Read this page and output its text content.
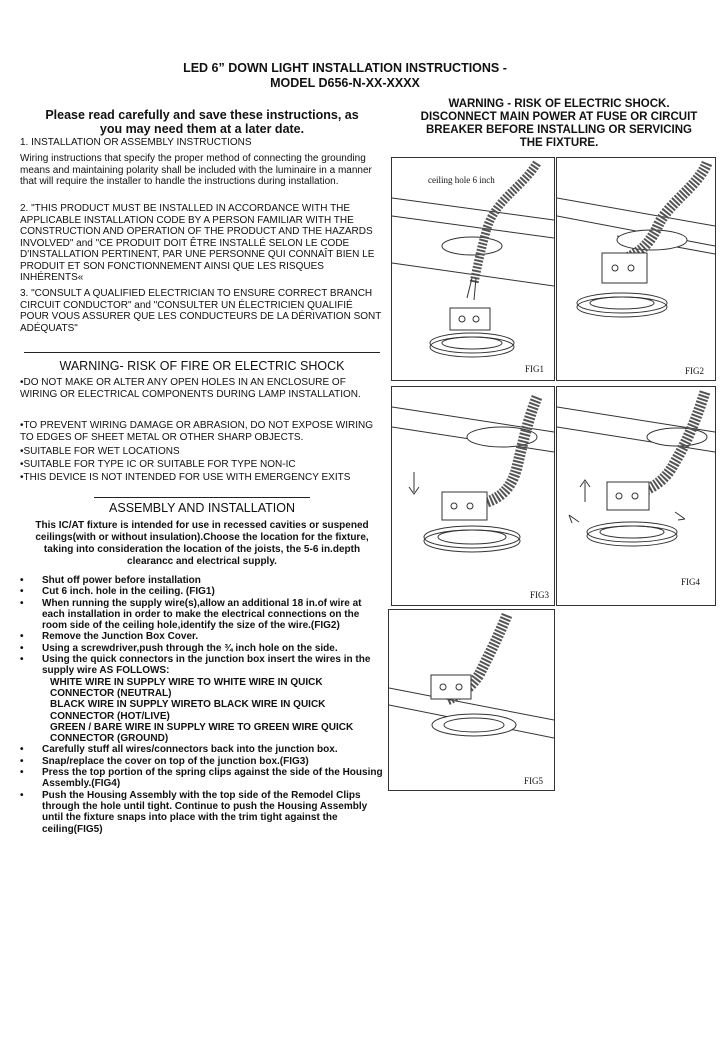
LED 6” DOWN LIGHT INSTALLATION INSTRUCTIONS -
MODEL D656-N-XX-XXXX
Please read carefully and save these instructions, as
you may need them at a later date.
1. INSTALLATION OR ASSEMBLY INSTRUCTIONS
Wiring instructions that specify the proper method of connecting the grounding means and maintaining polarity shall be included with the luminaire in a manner that will require the installer to handle the instructions during installation.
2. "THIS PRODUCT MUST BE INSTALLED IN ACCORDANCE WITH THE APPLICABLE INSTALLATION CODE BY A PERSON FAMILIAR WITH THE CONSTRUCTION AND OPERATION OF THE PRODUCT AND THE HAZARDS INVOLVED" and "CE PRODUIT DOIT ÊTRE INSTALLÉ SELON LE CODE D'INSTALLATION PERTINENT, PAR UNE PERSONNE QUI CONNAÎT BIEN LE PRODUIT ET SON FONCTIONNEMENT AINSI QUE LES RISQUES INHÉRENTS«
3. "CONSULT A QUALIFIED ELECTRICIAN TO ENSURE CORRECT BRANCH CIRCUIT CONDUCTOR" and "CONSULTER UN ÉLECTRICIEN QUALIFIÉ POUR VOUS ASSURER QUE LES CONDUCTEURS DE LA DÉRIVATION SONT ADÉQUATS"
WARNING - RISK OF ELECTRIC SHOCK.
DISCONNECT MAIN POWER AT FUSE OR CIRCUIT
BREAKER BEFORE INSTALLING OR SERVICING
THE FIXTURE.
WARNING- RISK OF FIRE OR ELECTRIC SHOCK
•DO NOT MAKE OR ALTER ANY OPEN HOLES IN AN ENCLOSURE OF WIRING OR ELECTRICAL COMPONENTS DURING LAMP INSTALLATION.
•TO PREVENT WIRING DAMAGE OR ABRASION, DO NOT EXPOSE WIRING TO EDGES OF SHEET METAL OR OTHER SHARP OBJECTS.
•SUITABLE FOR WET LOCATIONS
•SUITABLE FOR TYPE IC OR SUITABLE FOR TYPE NON-IC
•THIS DEVICE IS NOT INTENDED FOR USE WITH EMERGENCY EXITS
ASSEMBLY AND INSTALLATION
This IC/AT fixture is intended for use in recessed cavities or suspened ceilings(with or without insulation).Choose the location for the fixture, taking into consideration the location of the joists, the 5-6 in.depth clearancc and electrical supply.
• Shut off power before installation
• Cut 6 inch. hole in the ceiling. (FIG1)
• When running the supply wire(s),allow an additional 18 in.of wire at each installation in order to make the electrical connections on the room side of the ceiling hole,identify the size of the wire.(FIG2)
• Remove the Junction Box Cover.
• Using a screwdriver,push through the ¾ inch hole on the side.
• Using the quick connectors in the junction box insert the wires in the supply wire AS FOLLOWS:
WHITE WIRE IN SUPPLY WIRE TO WHITE WIRE IN QUICK CONNECTOR (NEUTRAL)
BLACK WIRE IN SUPPLY WIRETO BLACK WIRE IN QUICK CONNECTOR (HOT/LIVE)
GREEN / BARE WIRE IN SUPPLY WIRE TO GREEN WIRE QUICK CONNECTOR (GROUND)
• Carefully stuff all wires/connectors back into the junction box.
• Snap/replace the cover on top of the junction box.(FIG3)
• Press the top portion of the spring clips against the side of the Housing Assembly.(FIG4)
• Push the Housing Assembly with the top side of the Remodel Clips through the hole until tight. Continue to push the Housing Assembly until the fixture snaps into place with the trim tight against the ceiling(FIG5)
ceiling hole 6 inch
FIG1	FIG2
FIG3
FIG4
FIG5
